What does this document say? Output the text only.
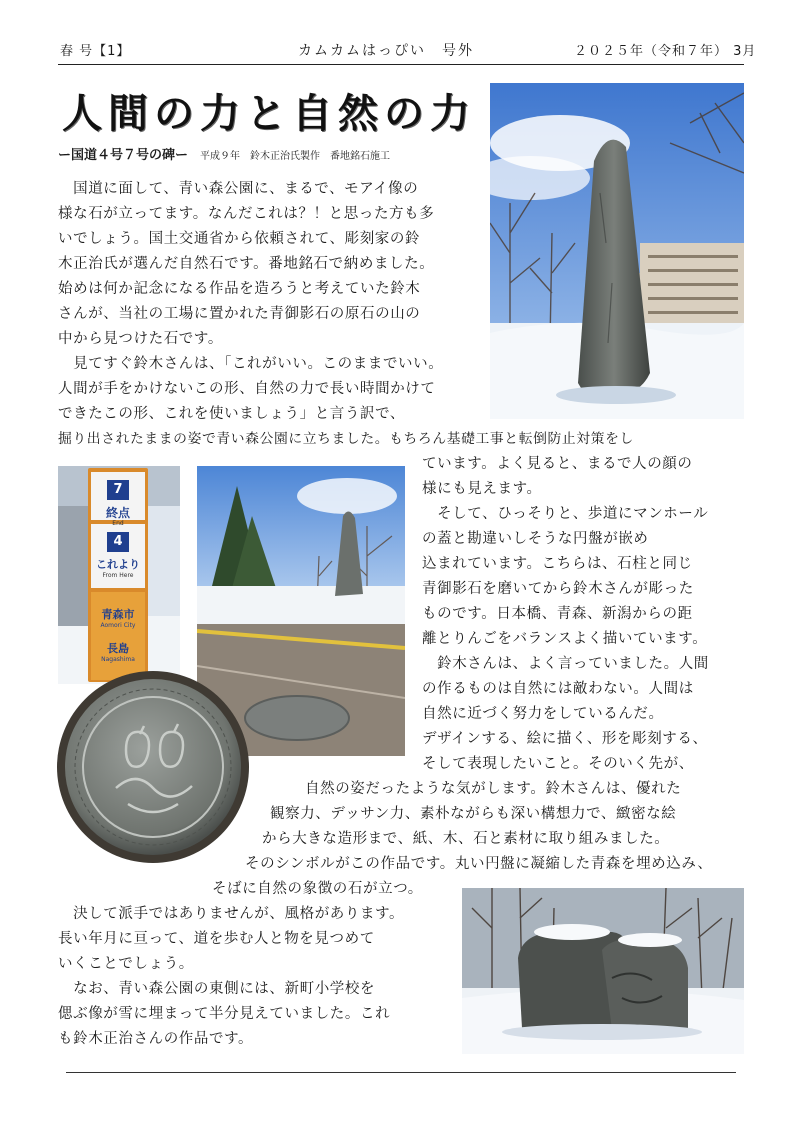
春 号【1】	カムカムはっぴい　号外	２０２５年（令和７年） 3月
人間の力と自然の力
ー国道４号７号の碑ー 平成９年　鈴木正治氏製作　番地銘石施工
7
終点
End
4
これより
From Here
青森市
Aomori City
長島
Nagashima
　国道に面して、青い森公園に、まるで、モアイ像の
様な石が立ってます。なんだこれは？！と思った方も多
いでしょう。国土交通省から依頼されて、彫刻家の鈴
木正治氏が選んだ自然石です。番地銘石で納めました。
始めは何か記念になる作品を造ろうと考えていた鈴木
さんが、当社の工場に置かれた青御影石の原石の山の
中から見つけた石です。
　見てすぐ鈴木さんは、「これがいい。このままでいい。
人間が手をかけないこの形、自然の力で長い時間かけて
できたこの形、これを使いましょう」と言う訳で、
掘り出されたままの姿で青い森公園に立ちました。もちろん基礎工事と転倒防止対策をし
ています。よく見ると、まるで人の顔の
様にも見えます。
　そして、ひっそりと、歩道にマンホール
の蓋と勘違いしそうな円盤が嵌め
込まれています。こちらは、石柱と同じ
青御影石を磨いてから鈴木さんが彫った
ものです。日本橋、青森、新潟からの距
離とりんごをバランスよく描いています。
　鈴木さんは、よく言っていました。人間
の作るものは自然には敵わない。人間は
自然に近づく努力をしているんだ。
デザインする、絵に描く、形を彫刻する、
そして表現したいこと。そのいく先が、
自然の姿だったような気がします。鈴木さんは、優れた
観察力、デッサン力、素朴ながらも深い構想力で、緻密な絵
から大きな造形まで、紙、木、石と素材に取り組みました。
そのシンボルがこの作品です。丸い円盤に凝縮した青森を埋め込み、
そばに自然の象徴の石が立つ。
　決して派手ではありませんが、風格があります。
長い年月に亘って、道を歩む人と物を見つめて
いくことでしょう。
　なお、青い森公園の東側には、新町小学校を
偲ぶ像が雪に埋まって半分見えていました。これ
も鈴木正治さんの作品です。
